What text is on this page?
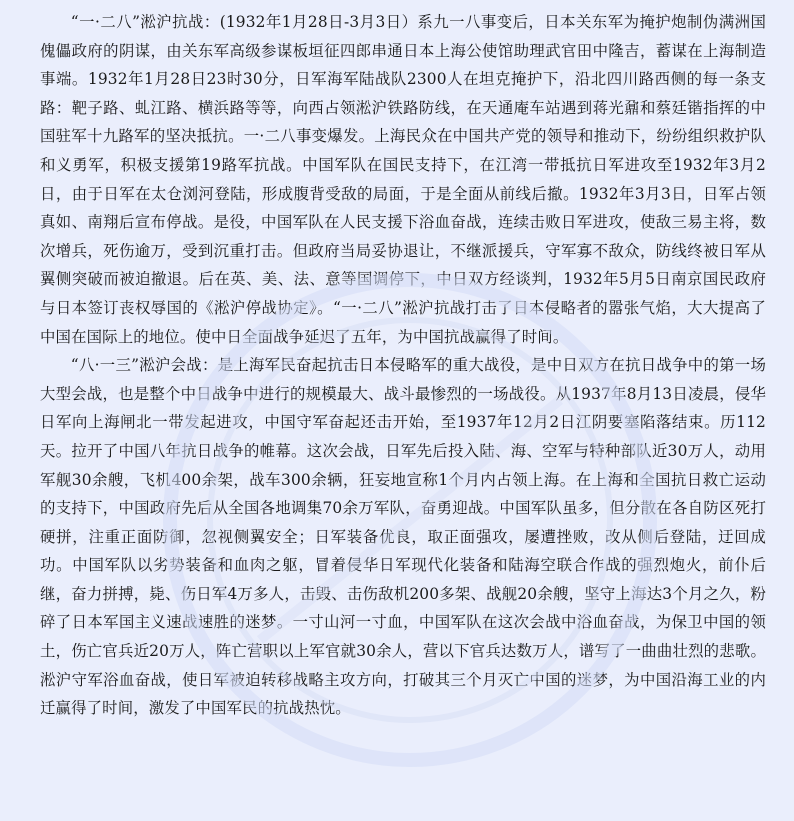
“一·二八”淞沪抗战：(1932年1月28日-3月3日）系九一八事变后，日本关东军为掩护炮制伪满洲国傀儡政府的阴谋，由关东军高级参谋板垣征四郎串通日本上海公使馆助理武官田中隆吉，蓄谋在上海制造事端。1932年1月28日23时30分，日军海军陆战队2300人在坦克掩护下，沿北四川路西侧的每一条支路：靶子路、虬江路、横浜路等等，向西占领淞沪铁路防线，在天通庵车站遇到蒋光鼐和蔡廷锴指挥的中国驻军十九路军的坚决抵抗。一·二八事变爆发。上海民众在中国共产党的领导和推动下，纷纷组织救护队和义勇军，积极支援第19路军抗战。中国军队在国民支持下，在江湾一带抵抗日军进攻至1932年3月2日，由于日军在太仓浏河登陆，形成腹背受敌的局面，于是全面从前线后撤。1932年3月3日，日军占领真如、南翔后宣布停战。是役，中国军队在人民支援下浴血奋战，连续击败日军进攻，使敌三易主将，数次增兵，死伤逾万，受到沉重打击。但政府当局妥协退让，不继派援兵，守军寡不敌众，防线终被日军从翼侧突破而被迫撤退。后在英、美、法、意等国调停下，中日双方经谈判，1932年5月5日南京国民政府与日本签订丧权辱国的《淞沪停战协定》。“一·二八”淞沪抗战打击了日本侵略者的嚣张气焰，大大提高了中国在国际上的地位。使中日全面战争延迟了五年，为中国抗战赢得了时间。

“八·一三”淞沪会战：是上海军民奋起抗击日本侵略军的重大战役，是中日双方在抗日战争中的第一场大型会战，也是整个中日战争中进行的规模最大、战斗最惨烈的一场战役。从1937年8月13日凌晨，侵华日军向上海闸北一带发起进攻，中国守军奋起还击开始，至1937年12月2日江阴要塞陷落结束。历112天。拉开了中国八年抗日战争的帷幕。这次会战，日军先后投入陆、海、空军与特种部队近30万人，动用军舰30余艘，飞机400余架，战车300余辆，狂妄地宣称1个月内占领上海。在上海和全国抗日救亡运动的支持下，中国政府先后从全国各地调集70余万军队，奋勇迎战。中国军队虽多，但分散在各自防区死打硬拼，注重正面防御，忽视侧翼安全；日军装备优良，取正面强攻，屡遭挫败，改从侧后登陆，迂回成功。中国军队以劣势装备和血肉之躯，冒着侵华日军现代化装备和陆海空联合作战的强烈炮火，前仆后继，奋力拼搏，毙、伤日军4万多人，击毁、击伤敌机200多架、战舰20余艘，坚守上海达3个月之久，粉碎了日本军国主义速战速胜的迷梦。一寸山河一寸血，中国军队在这次会战中浴血奋战，为保卫中国的领土，伤亡官兵近20万人，阵亡营职以上军官就30余人，营以下官兵达数万人，谱写了一曲曲壮烈的悲歌。淞沪守军浴血奋战，使日军被迫转移战略主攻方向，打破其三个月灭亡中国的迷梦，为中国沿海工业的内迁赢得了时间，激发了中国军民的抗战热忱。
